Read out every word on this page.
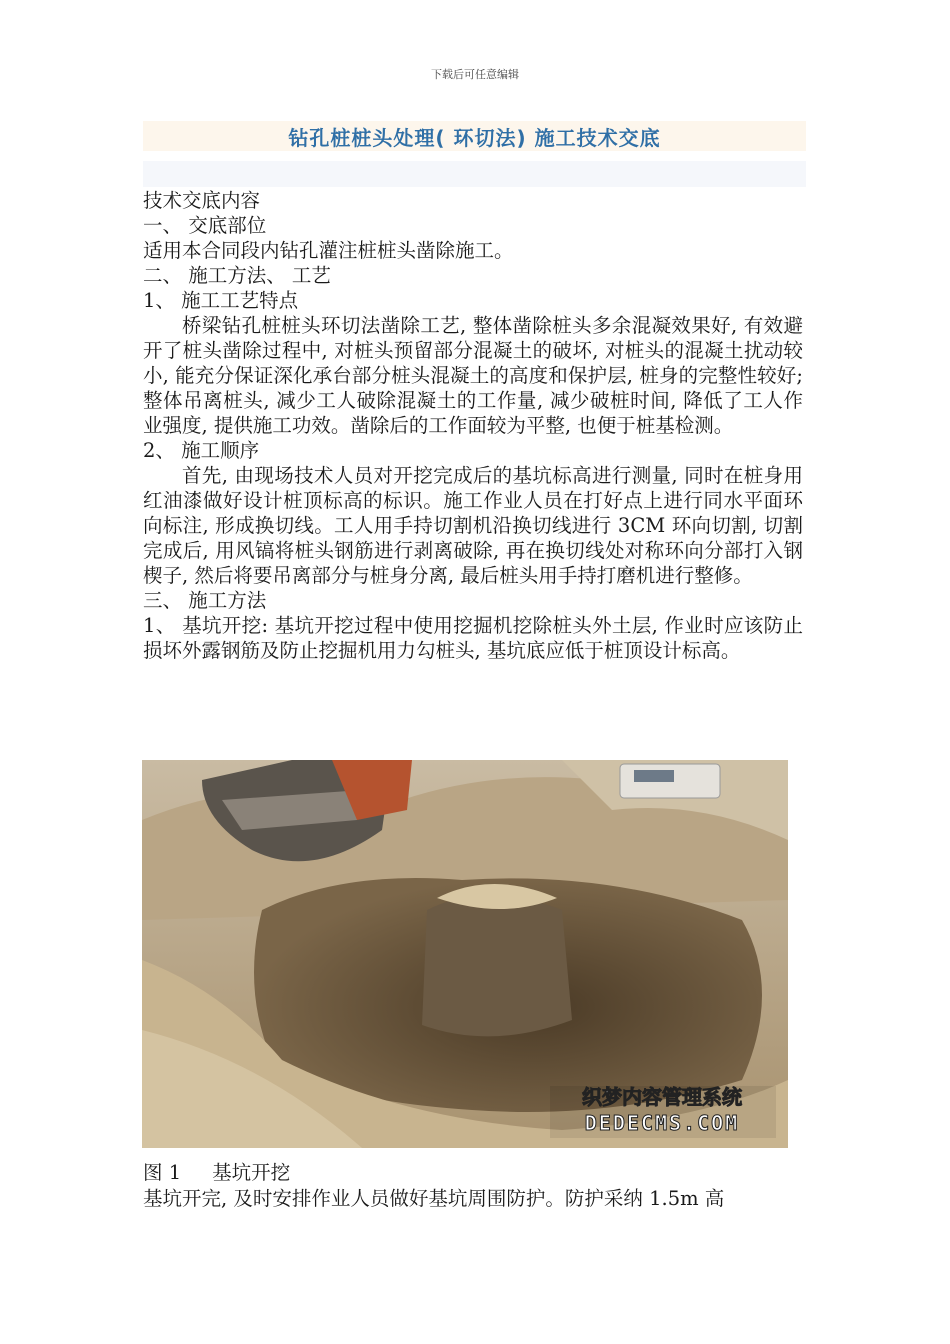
下载后可任意编辑
钻孔桩桩头处理( 环切法) 施工技术交底

技术交底内容

一、 交底部位

适用本合同段内钻孔灌注桩桩头凿除施工。

二、 施工方法、 工艺

1、 施工工艺特点

桥梁钻孔桩桩头环切法凿除工艺, 整体凿除桩头多余混凝效果好, 有效避开了桩头凿除过程中, 对桩头预留部分混凝土的破坏, 对桩头的混凝土扰动较小, 能充分保证深化承台部分桩头混凝土的高度和保护层, 桩身的完整性较好; 整体吊离桩头, 减少工人破除混凝土的工作量, 减少破桩时间, 降低了工人作业强度, 提供施工功效。凿除后的工作面较为平整, 也便于桩基检测。

2、 施工顺序

首先, 由现场技术人员对开挖完成后的基坑标高进行测量, 同时在桩身用红油漆做好设计桩顶标高的标识。施工作业人员在打好点上进行同水平面环向标注, 形成换切线。工人用手持切割机沿换切线进行 3CM 环向切割, 切割完成后, 用风镐将桩头钢筋进行剥离破除, 再在换切线处对称环向分部打入钢楔子, 然后将要吊离部分与桩身分离, 最后桩头用手持打磨机进行整修。

三、 施工方法

1、 基坑开挖: 基坑开挖过程中使用挖掘机挖除桩头外土层, 作业时应该防止损坏外露钢筋及防止挖掘机用力勾桩头, 基坑底应低于桩顶设计标高。

织梦内容管理系统
DEDECMS.COM
图 1     基坑开挖
基坑开完, 及时安排作业人员做好基坑周围防护。防护采纳 1.5m 高
